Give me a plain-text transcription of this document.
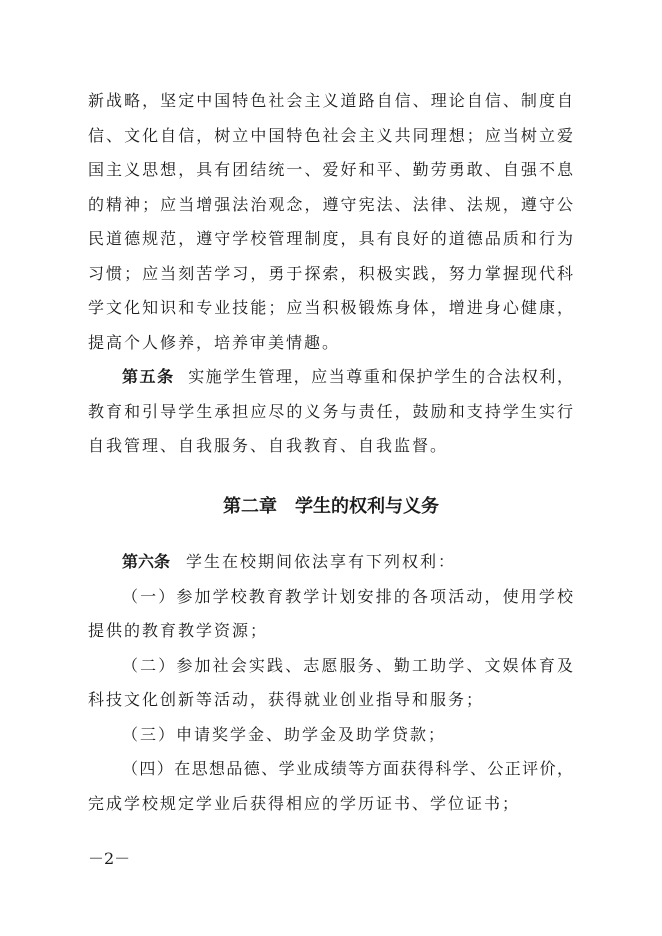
新战略，坚定中国特色社会主义道路自信、理论自信、制度自
信、文化自信，树立中国特色社会主义共同理想；应当树立爱
国主义思想，具有团结统一、爱好和平、勤劳勇敢、自强不息
的精神；应当增强法治观念，遵守宪法、法律、法规，遵守公
民道德规范，遵守学校管理制度，具有良好的道德品质和行为
习惯；应当刻苦学习，勇于探索，积极实践，努力掌握现代科
学文化知识和专业技能；应当积极锻炼身体，增进身心健康，
提高个人修养，培养审美情趣。
第五条 实施学生管理，应当尊重和保护学生的合法权利，
教育和引导学生承担应尽的义务与责任，鼓励和支持学生实行
自我管理、自我服务、自我教育、自我监督。
第二章　学生的权利与义务
第六条 学生在校期间依法享有下列权利：
（一）参加学校教育教学计划安排的各项活动，使用学校
提供的教育教学资源；
（二）参加社会实践、志愿服务、勤工助学、文娱体育及
科技文化创新等活动，获得就业创业指导和服务；
（三）申请奖学金、助学金及助学贷款；
（四）在思想品德、学业成绩等方面获得科学、公正评价，
完成学校规定学业后获得相应的学历证书、学位证书；
－2－
